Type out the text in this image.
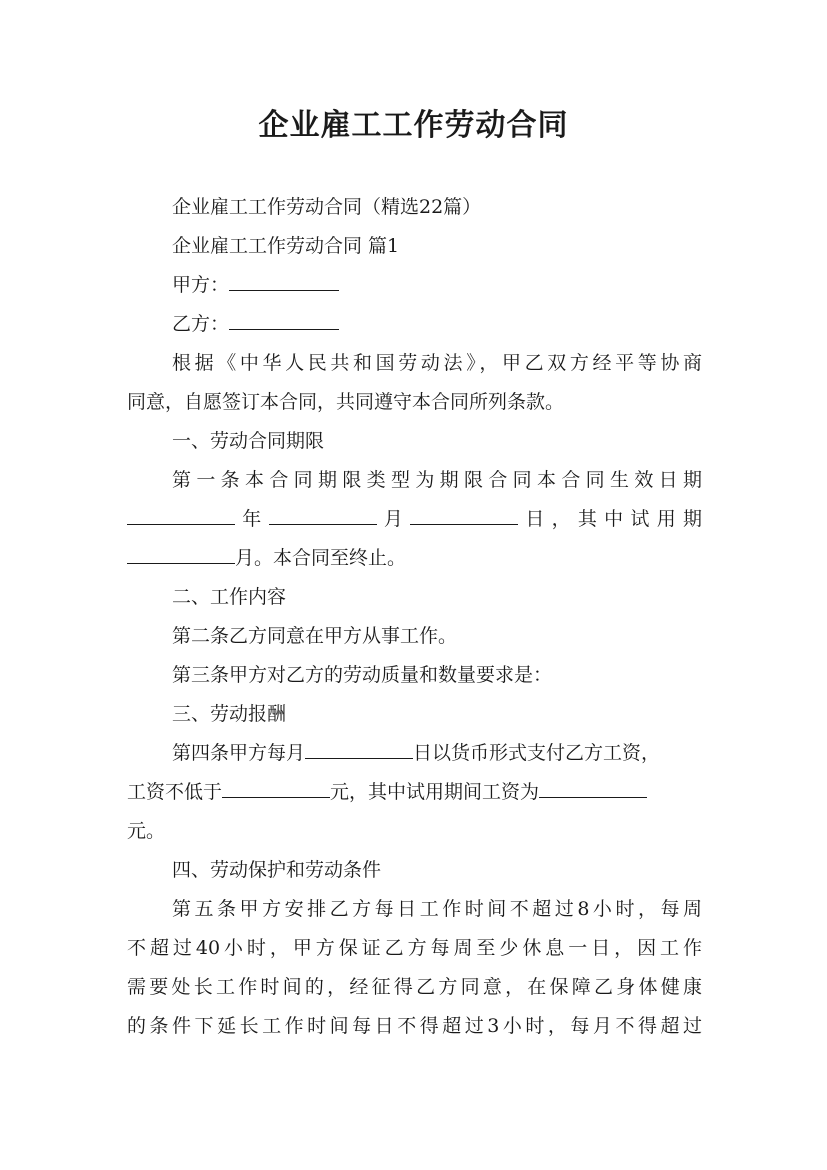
企业雇工工作劳动合同

企业雇工工作劳动合同（精选22篇）

企业雇工工作劳动合同 篇1

甲方：

乙方：

根据《中华人民共和国劳动法》，甲乙双方经平等协商

同意，自愿签订本合同，共同遵守本合同所列条款。

一、劳动合同期限

第一条本合同期限类型为期限合同本合同生效日期

年	月	日，其中试用期

月。本合同至终止。

二、工作内容

第二条乙方同意在甲方从事工作。

第三条甲方对乙方的劳动质量和数量要求是：

三、劳动报酬

第四条甲方每月	日以货币形式支付乙方工资，

工资不低于	元，其中试用期间工资为

元。

四、劳动保护和劳动条件

第五条甲方安排乙方每日工作时间不超过8小时，每周

不超过40小时，甲方保证乙方每周至少休息一日，因工作

需要处长工作时间的，经征得乙方同意，在保障乙身体健康

的条件下延长工作时间每日不得超过3小时，每月不得超过
